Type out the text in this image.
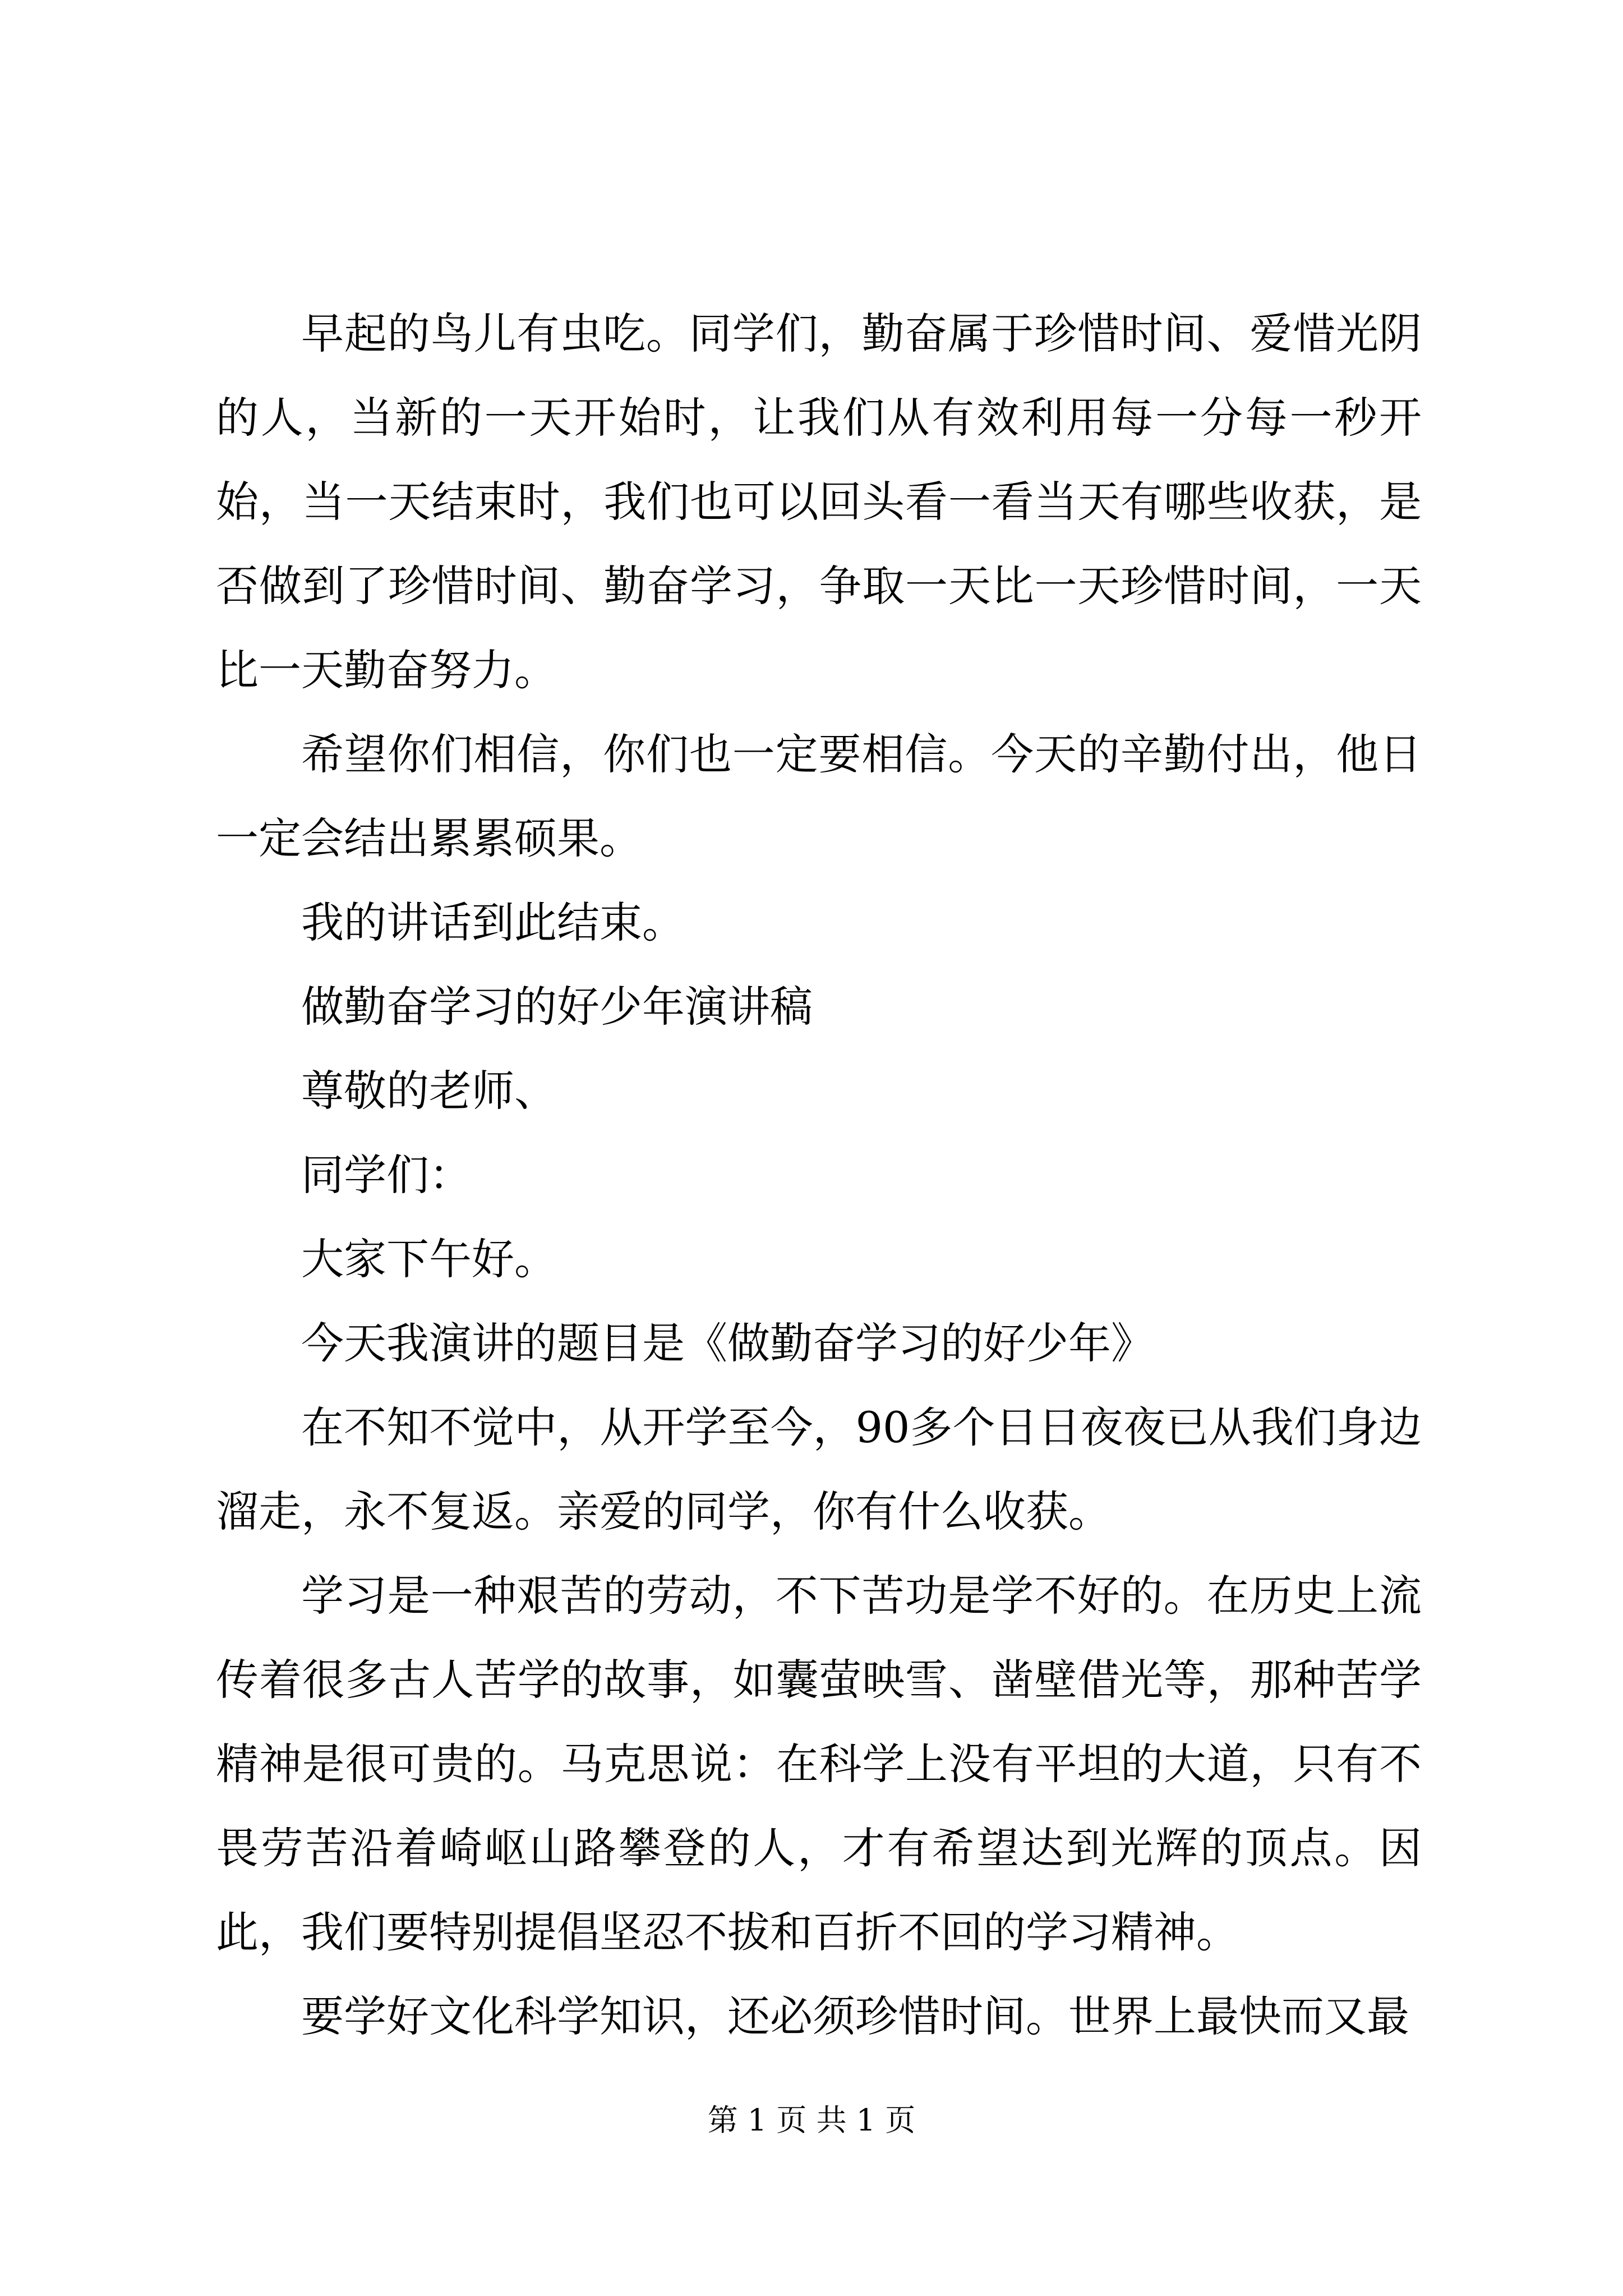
早起的鸟儿有虫吃。同学们，勤奋属于珍惜时间、爱惜光阴的人，当新的一天开始时，让我们从有效利用每一分每一秒开始，当一天结束时，我们也可以回头看一看当天有哪些收获，是否做到了珍惜时间、勤奋学习，争取一天比一天珍惜时间，一天比一天勤奋努力。

希望你们相信，你们也一定要相信。今天的辛勤付出，他日一定会结出累累硕果。

我的讲话到此结束。

做勤奋学习的好少年演讲稿

尊敬的老师、

同学们：

大家下午好。

今天我演讲的题目是《做勤奋学习的好少年》

在不知不觉中，从开学至今，90多个日日夜夜已从我们身边溜走，永不复返。亲爱的同学，你有什么收获。

学习是一种艰苦的劳动，不下苦功是学不好的。在历史上流传着很多古人苦学的故事，如囊萤映雪、凿壁借光等，那种苦学精神是很可贵的。马克思说：在科学上没有平坦的大道，只有不畏劳苦沿着崎岖山路攀登的人，才有希望达到光辉的顶点。因此，我们要特别提倡坚忍不拔和百折不回的学习精神。

要学好文化科学知识，还必须珍惜时间。世界上最快而又最

第 1 页 共 1 页
